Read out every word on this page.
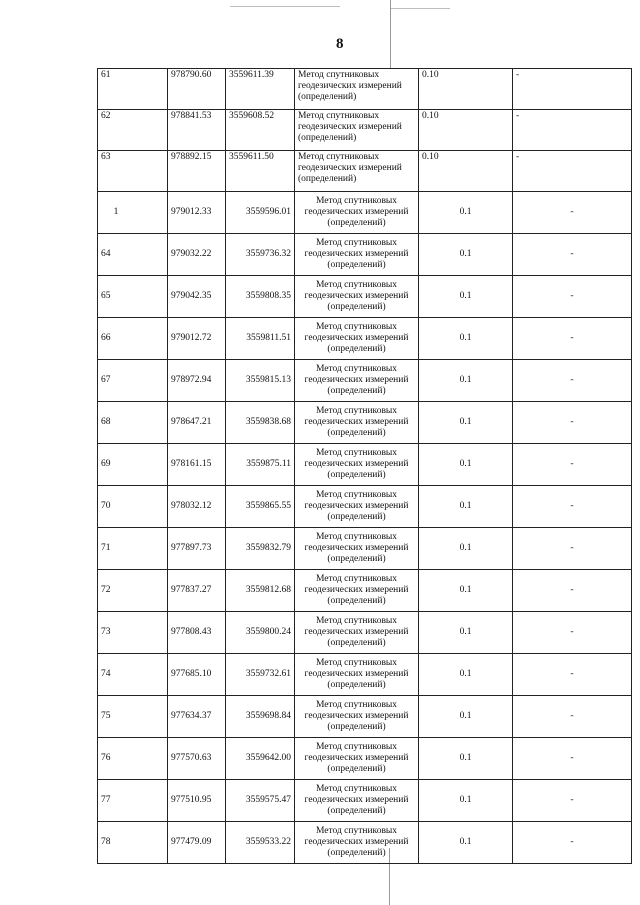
8
61	978790.60	3559611.39	Метод спутниковых геодезических измерений (определений)	0.10	-
62	978841.53	3559608.52	Метод спутниковых геодезических измерений (определений)	0.10	-
63	978892.15	3559611.50	Метод спутниковых геодезических измерений (определений)	0.10	-
1	979012.33	3559596.01	Метод спутниковых геодезических измерений (определений)	0.1	-
64	979032.22	3559736.32	Метод спутниковых геодезических измерений (определений)	0.1	-
65	979042.35	3559808.35	Метод спутниковых геодезических измерений (определений)	0.1	-
66	979012.72	3559811.51	Метод спутниковых геодезических измерений (определений)	0.1	-
67	978972.94	3559815.13	Метод спутниковых геодезических измерений (определений)	0.1	-
68	978647.21	3559838.68	Метод спутниковых геодезических измерений (определений)	0.1	-
69	978161.15	3559875.11	Метод спутниковых геодезических измерений (определений)	0.1	-
70	978032.12	3559865.55	Метод спутниковых геодезических измерений (определений)	0.1	-
71	977897.73	3559832.79	Метод спутниковых геодезических измерений (определений)	0.1	-
72	977837.27	3559812.68	Метод спутниковых геодезических измерений (определений)	0.1	-
73	977808.43	3559800.24	Метод спутниковых геодезических измерений (определений)	0.1	-
74	977685.10	3559732.61	Метод спутниковых геодезических измерений (определений)	0.1	-
75	977634.37	3559698.84	Метод спутниковых геодезических измерений (определений)	0.1	-
76	977570.63	3559642.00	Метод спутниковых геодезических измерений (определений)	0.1	-
77	977510.95	3559575.47	Метод спутниковых геодезических измерений (определений)	0.1	-
78	977479.09	3559533.22	Метод спутниковых геодезических измерений (определений)	0.1	-
